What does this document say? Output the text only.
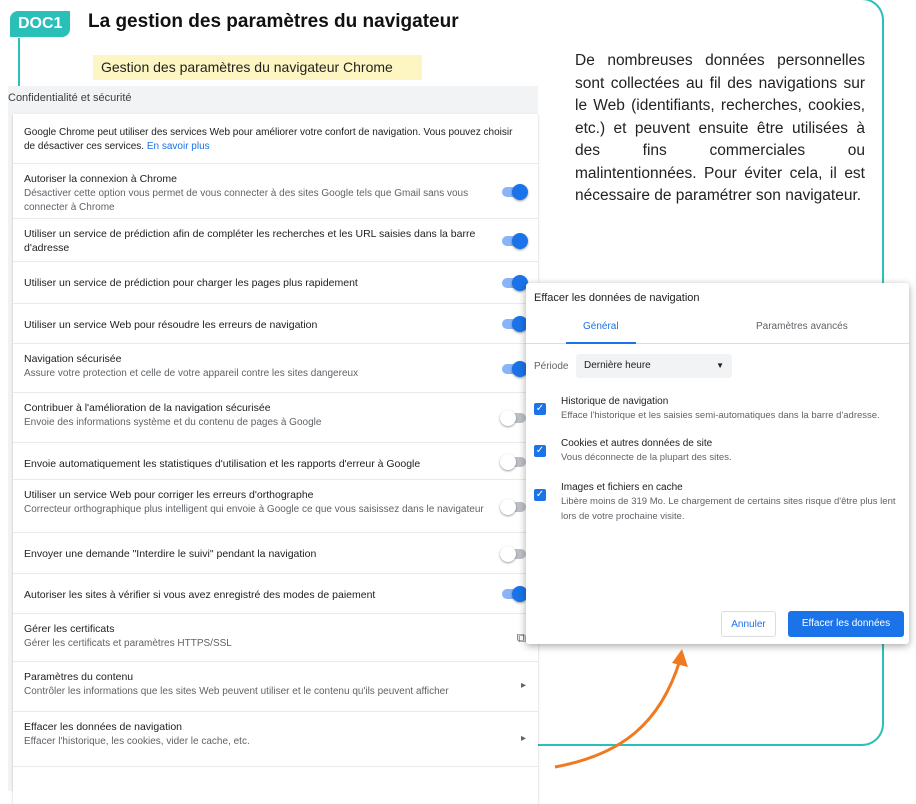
DOC1	La gestion des paramètres du navigateur
Gestion des paramètres du navigateur Chrome	De nombreuses données personnelles sont collectées au fil des navigations sur le Web (identifiants, recherches, cookies, etc.) et peuvent ensuite être utilisées à des fins commerciales ou malintentionnées. Pour éviter cela, il est nécessaire de paramétrer son navigateur.
Confidentialité et sécurité
Google Chrome peut utiliser des services Web pour améliorer votre confort de navigation. Vous pouvez choisir de désactiver ces services. En savoir plus
Autoriser la connexion à Chrome
Désactiver cette option vous permet de vous connecter à des sites Google tels que Gmail sans vous connecter à Chrome
Utiliser un service de prédiction afin de compléter les recherches et les URL saisies dans la barre d'adresse
Utiliser un service de prédiction pour charger les pages plus rapidement
Utiliser un service Web pour résoudre les erreurs de navigation
Navigation sécurisée
Assure votre protection et celle de votre appareil contre les sites dangereux
Contribuer à l'amélioration de la navigation sécurisée
Envoie des informations système et du contenu de pages à Google
Envoie automatiquement les statistiques d'utilisation et les rapports d'erreur à Google
Utiliser un service Web pour corriger les erreurs d'orthographe
Correcteur orthographique plus intelligent qui envoie à Google ce que vous saisissez dans le navigateur
Envoyer une demande "Interdire le suivi" pendant la navigation
Autoriser les sites à vérifier si vous avez enregistré des modes de paiement
Gérer les certificats
Gérer les certificats et paramètres HTTPS/SSL	⧉
Paramètres du contenu
Contrôler les informations que les sites Web peuvent utiliser et le contenu qu'ils peuvent afficher
▸
Effacer les données de navigation
Effacer l'historique, les cookies, vider le cache, etc.	▸
Effacer les données de navigation
Général	Paramètres avancés
Période	Dernière heure	▼
✓
Historique de navigation
Efface l'historique et les saisies semi-automatiques dans la barre d'adresse.
✓
Cookies et autres données de site
Vous déconnecte de la plupart des sites.
✓
Images et fichiers en cache
Libère moins de 319 Mo. Le chargement de certains sites risque d'être plus lent lors de votre prochaine visite.
Annuler	Effacer les données
